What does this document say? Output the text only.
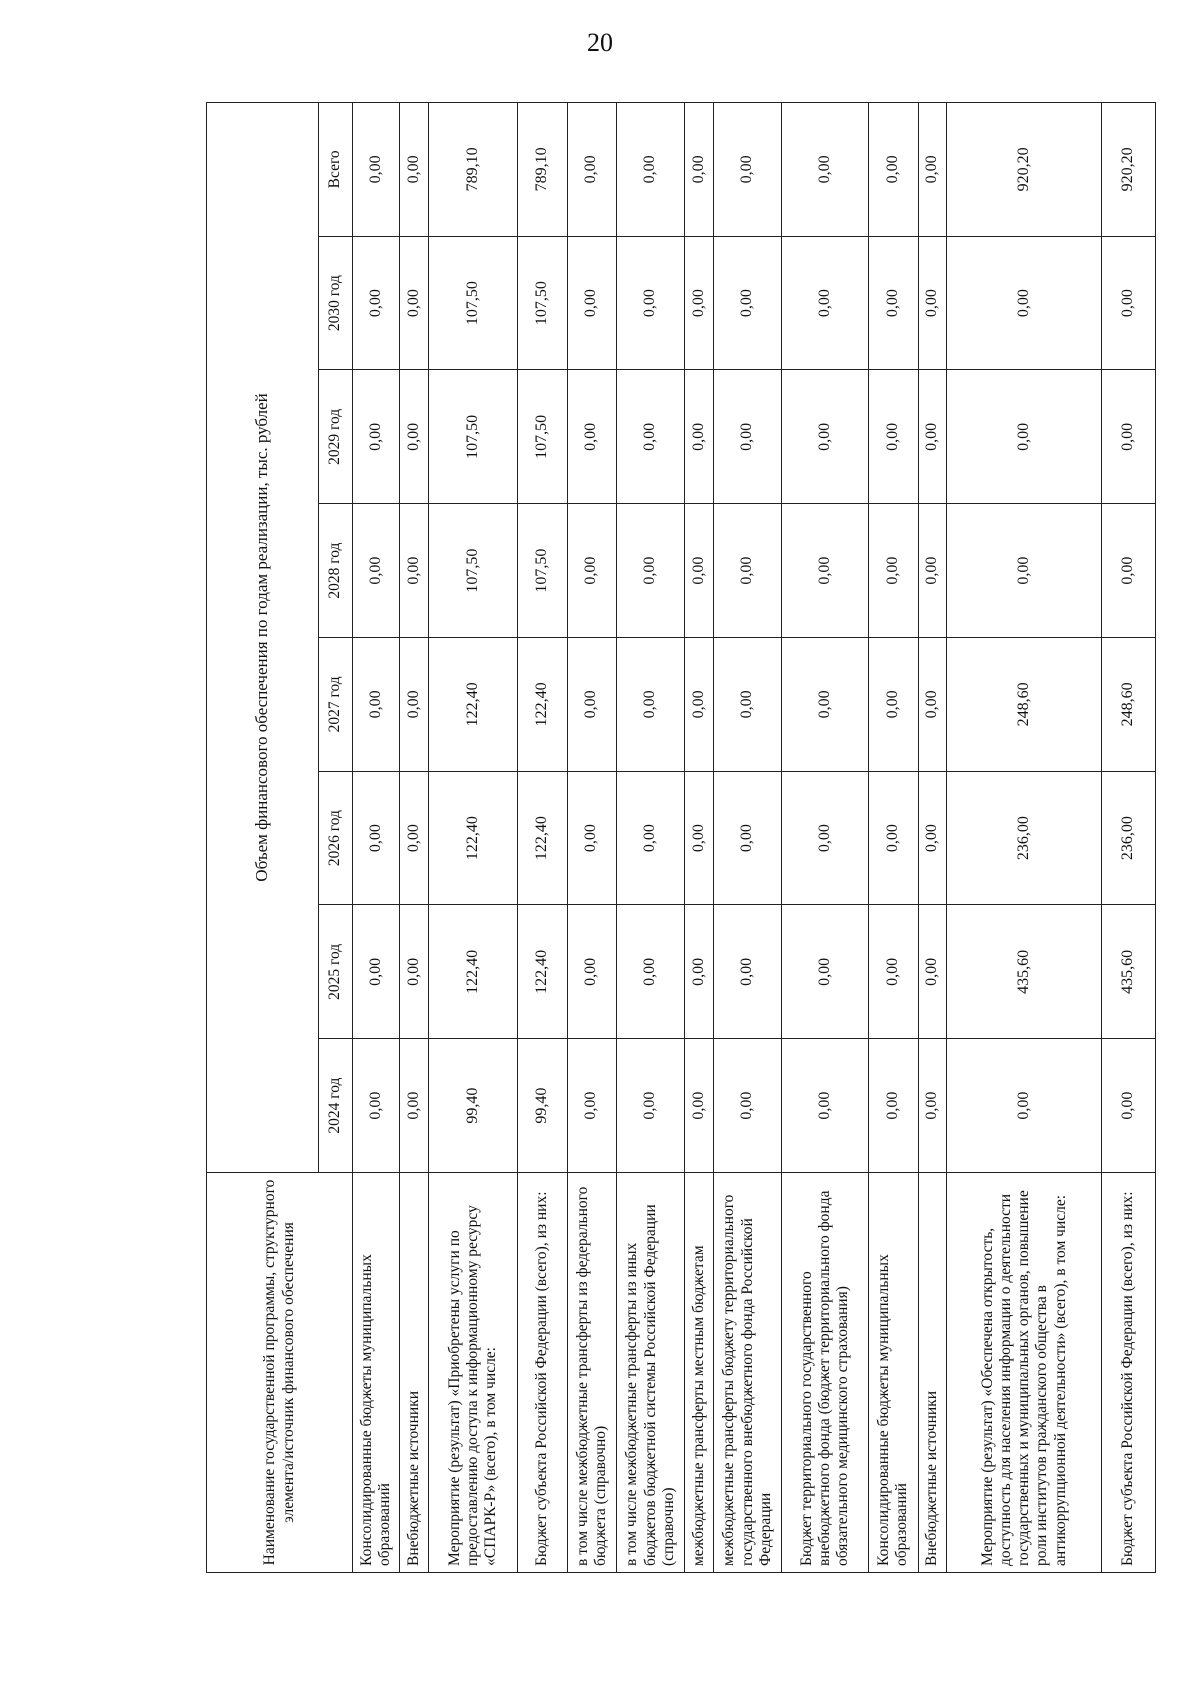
20
Наименование государственной программы, структурного элемента/источник финансового обеспечения	Объем финансового обеспечения по годам реализации, тыс. рублей							
	2024 год	2025 год	2026 год	2027 год	2028 год	2029 год	2030 год	Всего
Консолидированные бюджеты муниципальных образований	0,00	0,00	0,00	0,00	0,00	0,00	0,00	0,00
Внебюджетные источники	0,00	0,00	0,00	0,00	0,00	0,00	0,00	0,00
Мероприятие (результат) «Приобретены услуги по предоставлению доступа к информационному ресурсу «СПАРК-Р» (всего), в том числе:	99,40	122,40	122,40	122,40	107,50	107,50	107,50	789,10
Бюджет субъекта Российской Федерации (всего), из них:	99,40	122,40	122,40	122,40	107,50	107,50	107,50	789,10
в том числе межбюджетные трансферты из федерального бюджета (справочно)	0,00	0,00	0,00	0,00	0,00	0,00	0,00	0,00
в том числе межбюджетные трансферты из иных бюджетов бюджетной системы Российской Федерации (справочно)	0,00	0,00	0,00	0,00	0,00	0,00	0,00	0,00
межбюджетные трансферты местным бюджетам	0,00	0,00	0,00	0,00	0,00	0,00	0,00	0,00
межбюджетные трансферты бюджету территориального государственного внебюджетного фонда Российской Федерации	0,00	0,00	0,00	0,00	0,00	0,00	0,00	0,00
Бюджет территориального государственного внебюджетного фонда (бюджет территориального фонда обязательного медицинского страхования)	0,00	0,00	0,00	0,00	0,00	0,00	0,00	0,00
Консолидированные бюджеты муниципальных образований	0,00	0,00	0,00	0,00	0,00	0,00	0,00	0,00
Внебюджетные источники	0,00	0,00	0,00	0,00	0,00	0,00	0,00	0,00
Мероприятие (результат) «Обеспечена открытость, доступность для населения информации о деятельности государственных и муниципальных органов, повышение роли институтов гражданского общества в антикоррупционной деятельности» (всего), в том числе:	0,00	435,60	236,00	248,60	0,00	0,00	0,00	920,20
Бюджет субъекта Российской Федерации (всего), из них:	0,00	435,60	236,00	248,60	0,00	0,00	0,00	920,20
